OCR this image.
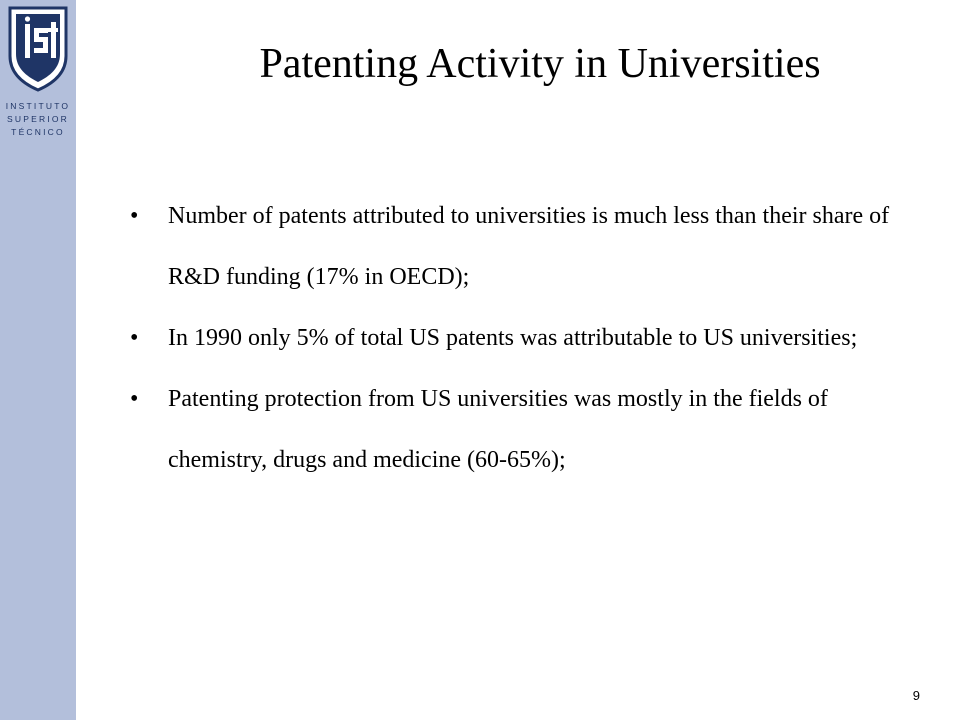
INSTITUTO
SUPERIOR
TÉCNICO
Patenting Activity in Universities
• Number of patents attributed to universities is much less than their share of R&D funding (17% in OECD);
• In 1990 only 5% of total US patents was attributable to US universities;
• Patenting protection from US universities was mostly in the fields of chemistry, drugs and medicine (60-65%);
9
